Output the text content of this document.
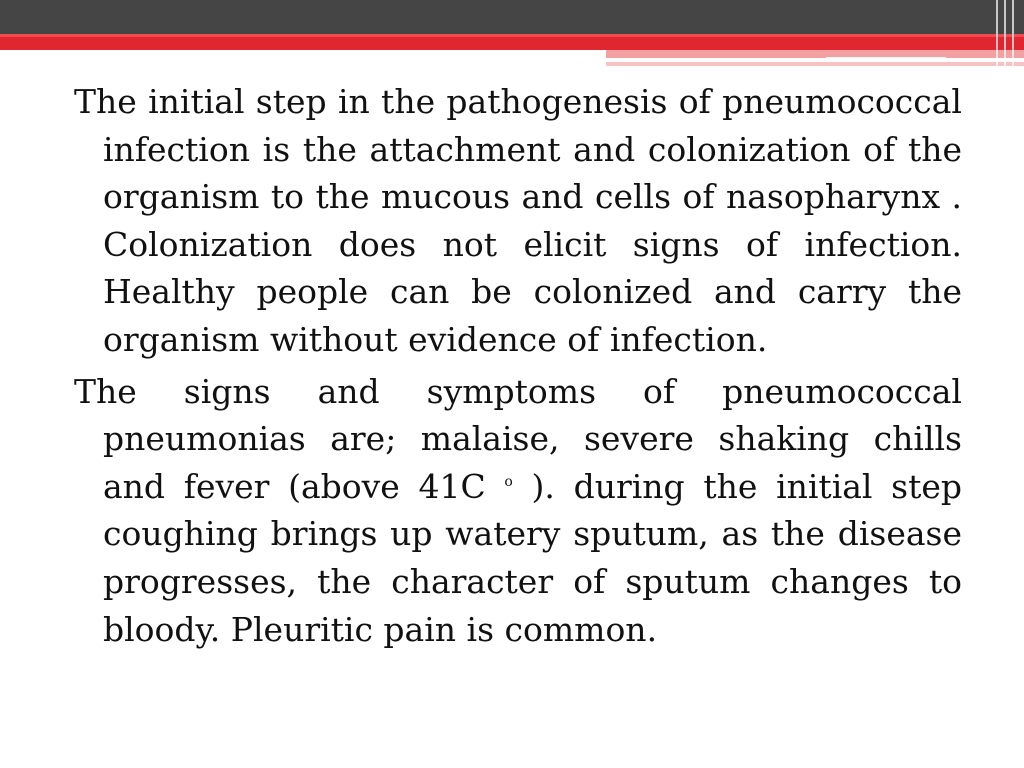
The initial step in the pathogenesis of pneumococcal infection is the attachment and colonization of the organism to the mucous and cells of nasopharynx . Colonization does not elicit signs of infection. Healthy people can be colonized and carry the organism without evidence of infection.

The signs and symptoms of pneumococcal pneumonias are; malaise, severe shaking chills and fever (above 41C $^o$ ). during the initial step coughing brings up watery sputum, as the disease progresses, the character of sputum changes to bloody. Pleuritic pain is common.
